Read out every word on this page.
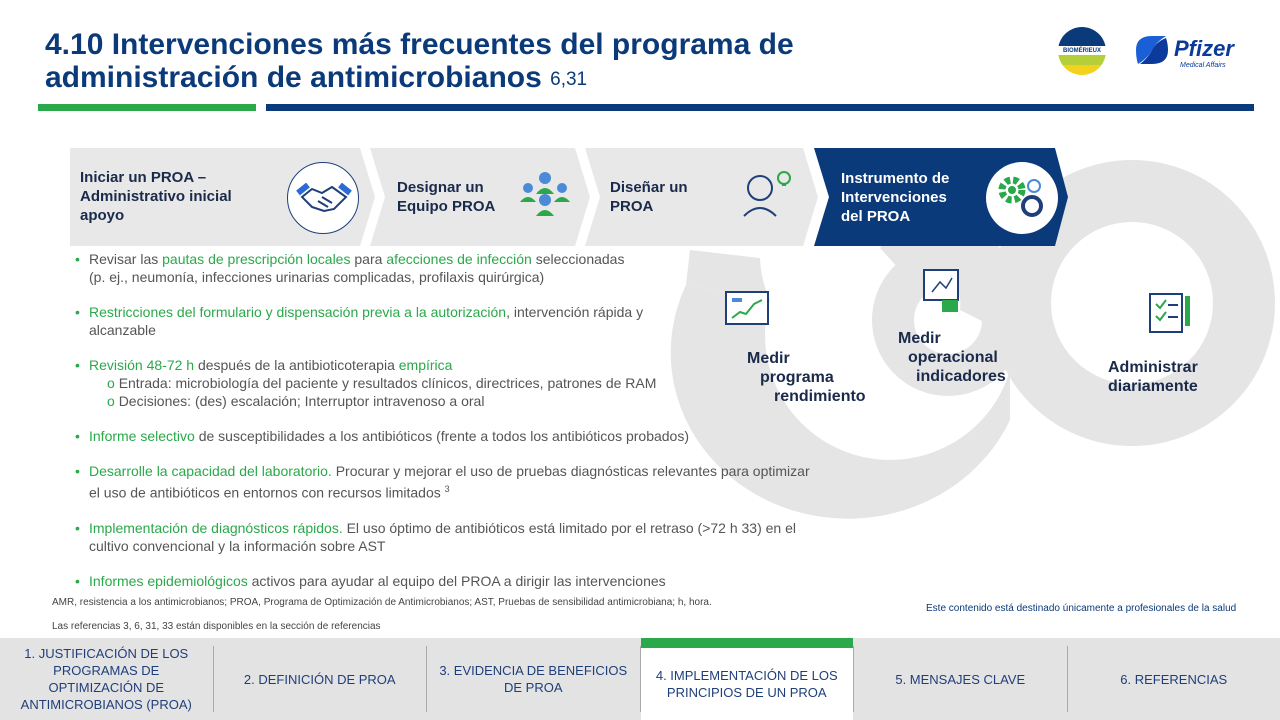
4.10 Intervenciones más frecuentes del programa de
administración de antimicrobianos $^{6,31}$
BIOMÉRIEUX	Pfizer
Medical Affairs
Iniciar un PROA –
Administrativo inicial
apoyo
Designar un
Equipo PROA
Diseñar un
PROA
Instrumento de
Intervenciones
del PROA
Medir
programa
rendimiento
Medir
operacional
indicadores
Administrar
diariamente
• Revisar las pautas de prescripción locales para afecciones de infección seleccionadas
(p. ej., neumonía, infecciones urinarias complicadas, profilaxis quirúrgica)
• Restricciones del formulario y dispensación previa a la autorización, intervención rápida y
alcanzable
• Revisión 48-72 h después de la antibioticoterapia empírica
o Entrada: microbiología del paciente y resultados clínicos, directrices, patrones de RAM
o Decisiones: (des) escalación; Interruptor intravenoso a oral
• Informe selectivo de susceptibilidades a los antibióticos (frente a todos los antibióticos probados)
• Desarrolle la capacidad del laboratorio. Procurar y mejorar el uso de pruebas diagnósticas relevantes para optimizar
el uso de antibióticos en entornos con recursos limitados $^3$
• Implementación de diagnósticos rápidos. El uso óptimo de antibióticos está limitado por el retraso (>72 h 33) en el
cultivo convencional y la información sobre AST
• Informes epidemiológicos activos para ayudar al equipo del PROA a dirigir las intervenciones
AMR, resistencia a los antimicrobianos; PROA, Programa de Optimización de Antimicrobianos; AST, Pruebas de sensibilidad antimicrobiana; h, hora.
Las referencias 3, 6, 31, 33 están disponibles en la sección de referencias
Este contenido está destinado únicamente a profesionales de la salud
1. JUSTIFICACIÓN DE LOS PROGRAMAS DE OPTIMIZACIÓN DE ANTIMICROBIANOS (PROA)
2. DEFINICIÓN DE PROA
3. EVIDENCIA DE BENEFICIOS DE PROA
4. IMPLEMENTACIÓN DE LOS PRINCIPIOS DE UN PROA
5. MENSAJES CLAVE	6. REFERENCIAS
